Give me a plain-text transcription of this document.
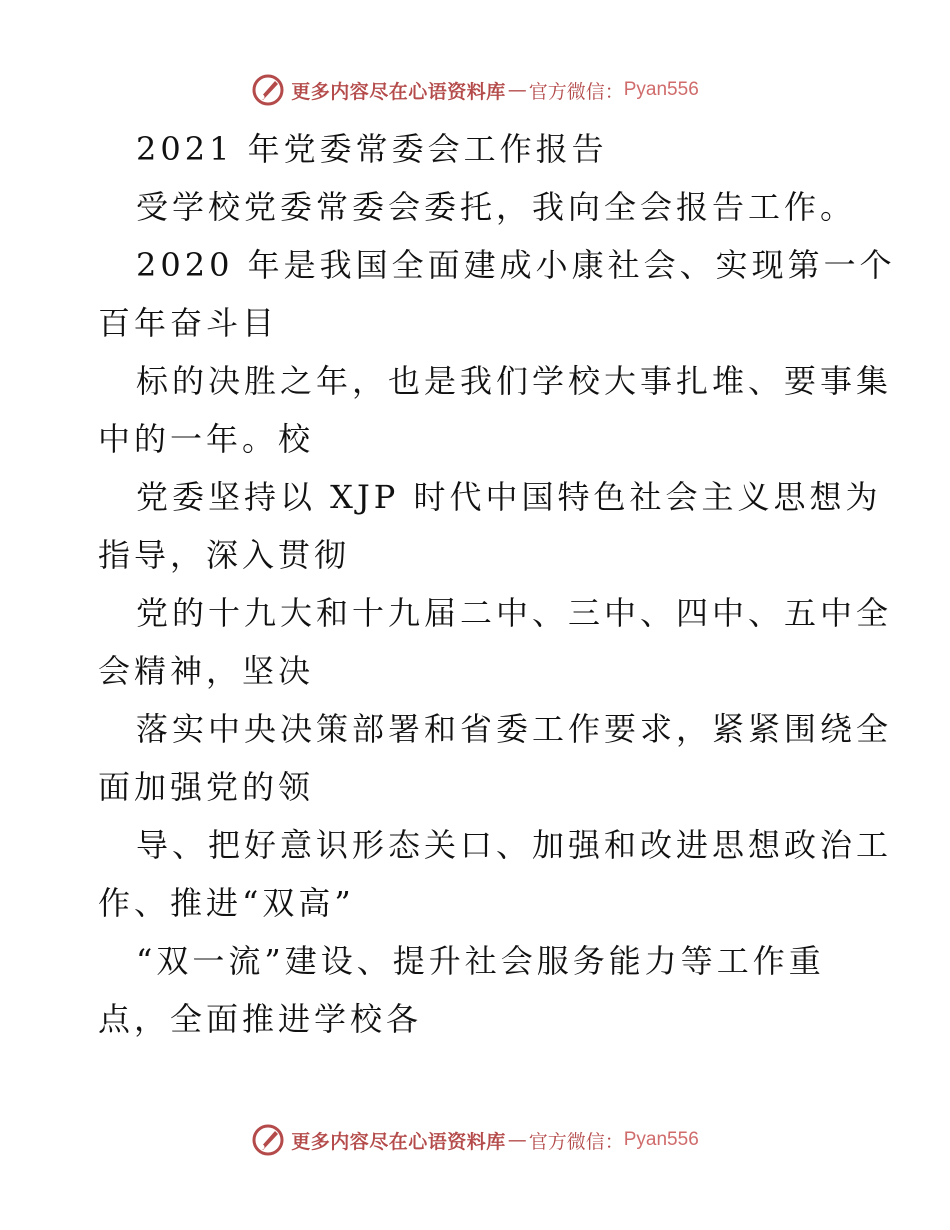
更多内容尽在心语资料库 — 官方微信： Pyan556
2021 年党委常委会工作报告
受学校党委常委会委托，我向全会报告工作。
2020 年是我国全面建成小康社会、实现第一个
百年奋斗目
标的决胜之年，也是我们学校大事扎堆、要事集
中的一年。校
党委坚持以 XJP 时代中国特色社会主义思想为
指导，深入贯彻
党的十九大和十九届二中、三中、四中、五中全
会精神，坚决
落实中央决策部署和省委工作要求，紧紧围绕全
面加强党的领
导、把好意识形态关口、加强和改进思想政治工
作、推进“双高”
“双一流”建设、提升社会服务能力等工作重
点，全面推进学校各
更多内容尽在心语资料库 — 官方微信： Pyan556
